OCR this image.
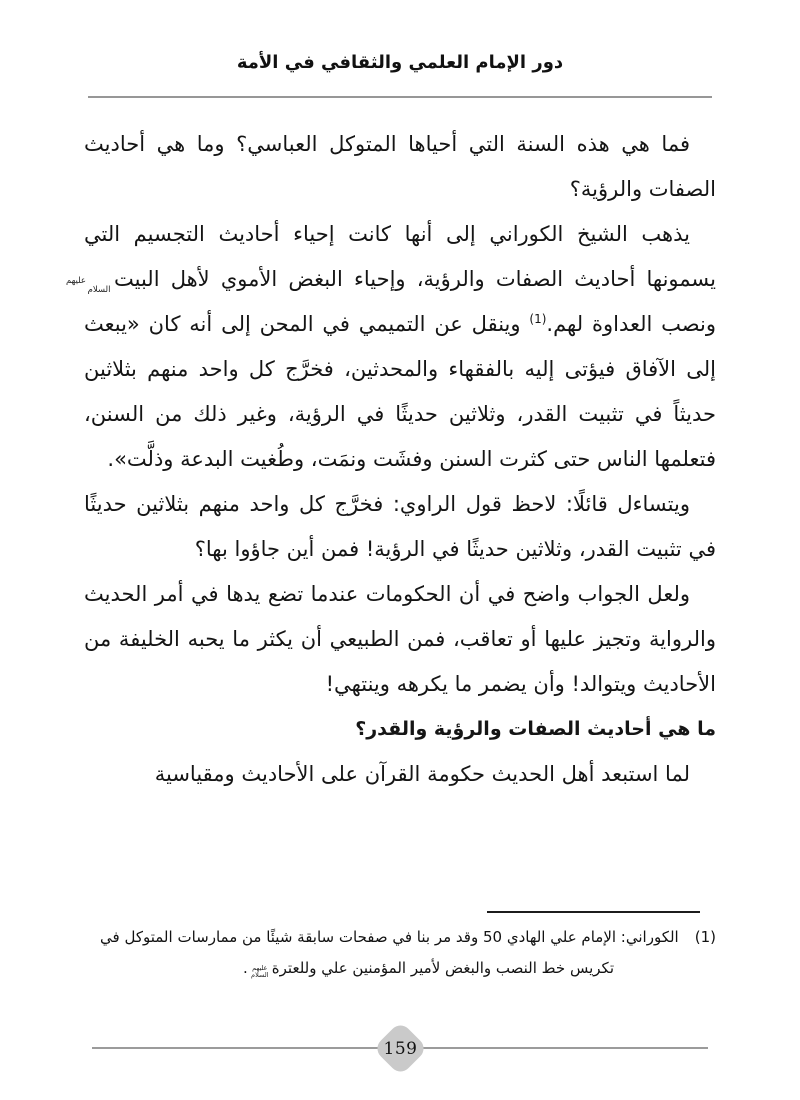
دور الإمام العلمي والثقافي في الأمة

فما هي هذه السنة التي أحياها المتوكل العباسي؟ وما هي أحاديث الصفات والرؤية؟

يذهب الشيخ الكوراني إلى أنها كانت إحياء أحاديث التجسيم التي يسمونها أحاديث الصفات والرؤية، وإحياء البغض الأموي لأهل البيتعليهم السلامونصب العداوة لهم.$^{(1)}$ وينقل عن التميمي في المحن إلى أنه كان «يبعث إلى الآفاق فيؤتى إليه بالفقهاء والمحدثين، فخرَّج كل واحد منهم بثلاثين حديثاً في تثبيت القدر، وثلاثين حديثًا في الرؤية، وغير ذلك من السنن، فتعلمها الناس حتى كثرت السنن وفشَت ونمَت، وطُغيت البدعة وذلَّت».

ويتساءل قائلًا: لاحظ قول الراوي: فخرَّج كل واحد منهم بثلاثين حديثًا في تثبيت القدر، وثلاثين حديثًا في الرؤية! فمن أين جاؤوا بها؟

ولعل الجواب واضح في أن الحكومات عندما تضع يدها في أمر الحديث والرواية وتجيز عليها أو تعاقب، فمن الطبيعي أن يكثر ما يحبه الخليفة من الأحاديث ويتوالد! وأن يضمر ما يكرهه وينتهي!

ما هي أحاديث الصفات والرؤية والقدر؟

لما استبعد أهل الحديث حكومة القرآن على الأحاديث ومقياسية

(1)الكوراني: الإمام علي الهادي 50 وقد مر بنا في صفحات سابقة شيئًا من ممارسات المتوكل في

تكريس خط النصب والبغض لأمير المؤمنين علي وللعترةعليهم السلام.

159
